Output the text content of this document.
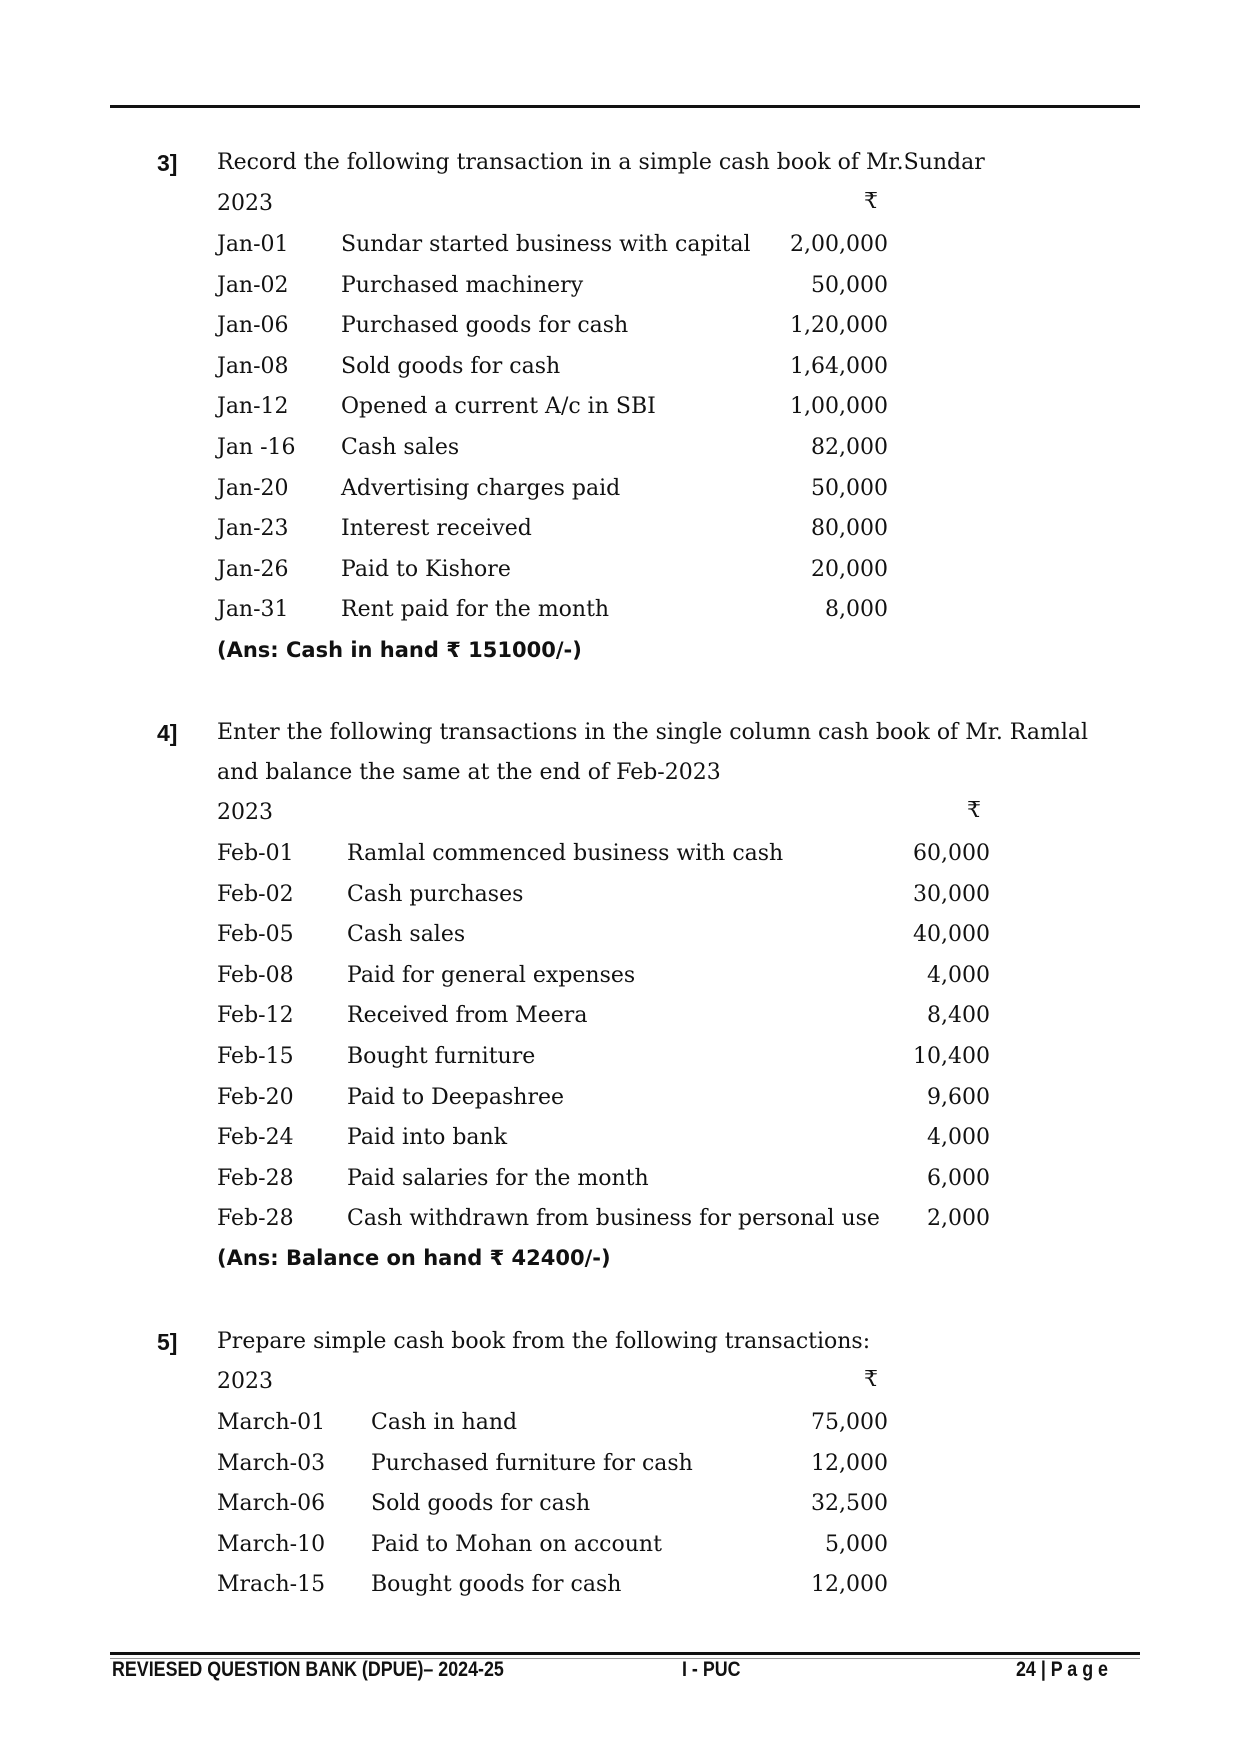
3] Record the following transaction in a simple cash book of Mr.Sundar
2023	₹
Jan-01 Sundar started business with capital 2,00,000
Jan-02 Purchased machinery	50,000
Jan-06 Purchased goods for cash	1,20,000
Jan-08 Sold goods for cash	1,64,000
Jan-12 Opened a current A/c in SBI	1,00,000
Jan -16 Cash sales	82,000
Jan-20 Advertising charges paid	50,000
Jan-23 Interest received	80,000
Jan-26 Paid to Kishore	20,000
Jan-31 Rent paid for the month	8,000
(Ans: Cash in hand ₹ 151000/-)
4] Enter the following transactions in the single column cash book of Mr. Ramlal
and balance the same at the end of Feb-2023
2023	₹
Feb-01 Ramlal commenced business with cash	60,000
Feb-02 Cash purchases	30,000
Feb-05 Cash sales	40,000
Feb-08 Paid for general expenses	4,000
Feb-12 Received from Meera	8,400
Feb-15 Bought furniture	10,400
Feb-20 Paid to Deepashree	9,600
Feb-24 Paid into bank	4,000
Feb-28 Paid salaries for the month	6,000
Feb-28 Cash withdrawn from business for personal use 2,000
(Ans: Balance on hand ₹ 42400/-)
5] Prepare simple cash book from the following transactions:
2023	₹
March-01 Cash in hand	75,000
March-03 Purchased furniture for cash	12,000
March-06 Sold goods for cash	32,500
March-10 Paid to Mohan on account	5,000
Mrach-15 Bought goods for cash	12,000
REVIESED QUESTION BANK (DPUE)– 2024-25	I - PUC	24 | P a g e
